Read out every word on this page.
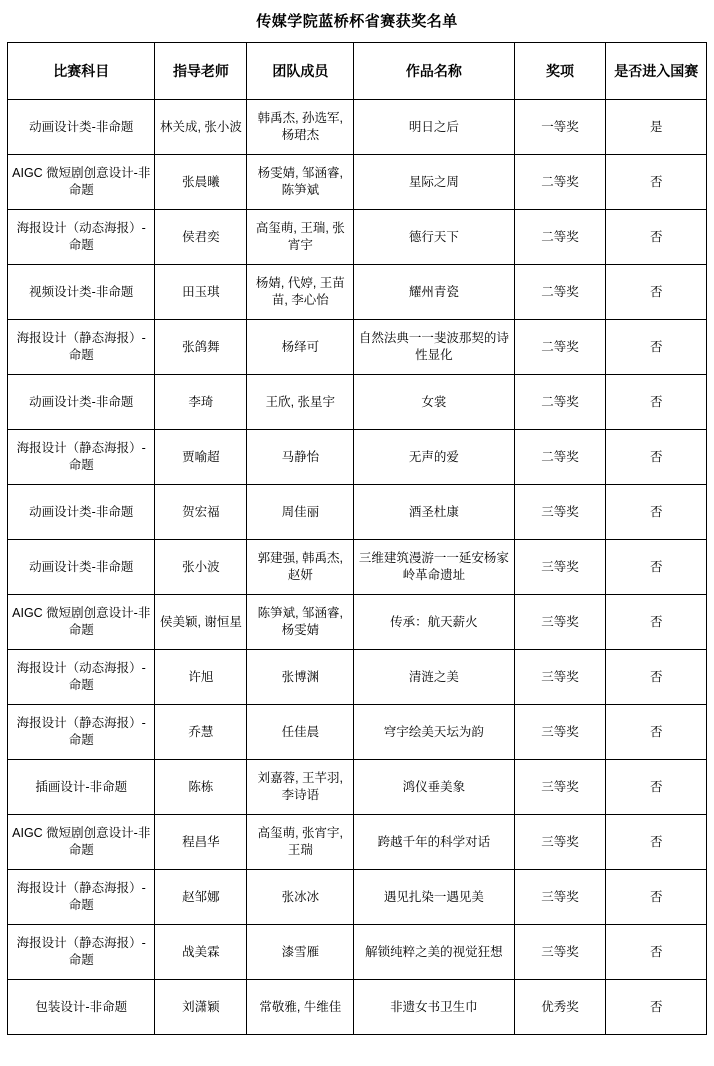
传媒学院蓝桥杯省赛获奖名单
比赛科目	指导老师	团队成员	作品名称	奖项	是否进入国赛
动画设计类-非命题	林关成, 张小波	韩禹杰, 孙选军, 杨珺杰	明日之后	一等奖	是
AIGC 微短剧创意设计-非命题	张晨曦	杨雯婧, 邹涵睿, 陈笋斌	星际之周	二等奖	否
海报设计（动态海报）-命题	侯君奕	高玺萌, 王瑞, 张宵宇	德行天下	二等奖	否
视频设计类-非命题	田玉琪	杨婧, 代婷, 王苗苗, 李心怡	耀州青瓷	二等奖	否
海报设计（静态海报）-命题	张鸽舞	杨绎可	自然法典一一斐波那契的诗性显化	二等奖	否
动画设计类-非命题	李琦	王欣, 张星宇	女裳	二等奖	否
海报设计（静态海报）-命题	贾喻超	马静怡	无声的爱	二等奖	否
动画设计类-非命题	贺宏福	周佳丽	酒圣杜康	三等奖	否
动画设计类-非命题	张小波	郭建强, 韩禹杰, 赵妍	三维建筑漫游一一延安杨家岭革命遗址	三等奖	否
AIGC 微短剧创意设计-非命题	侯美颖, 谢恒星	陈笋斌, 邹涵睿, 杨雯婧	传承：航天薪火	三等奖	否
海报设计（动态海报）-命题	许旭	张博渊	清涟之美	三等奖	否
海报设计（静态海报）-命题	乔慧	任佳晨	穹宇绘美天坛为韵	三等奖	否
插画设计-非命题	陈栋	刘嘉蓉, 王芊羽, 李诗语	鸿仪垂美象	三等奖	否
AIGC 微短剧创意设计-非命题	程昌华	高玺萌, 张宵宇, 王瑞	跨越千年的科学对话	三等奖	否
海报设计（静态海报）-命题	赵邹娜	张冰冰	遇见扎染一遇见美	三等奖	否
海报设计（静态海报）-命题	战美霖	漆雪雁	解锁纯粹之美的视觉狂想	三等奖	否
包装设计-非命题	刘潇颖	常敬雅, 牛维佳	非遗女书卫生巾	优秀奖	否
